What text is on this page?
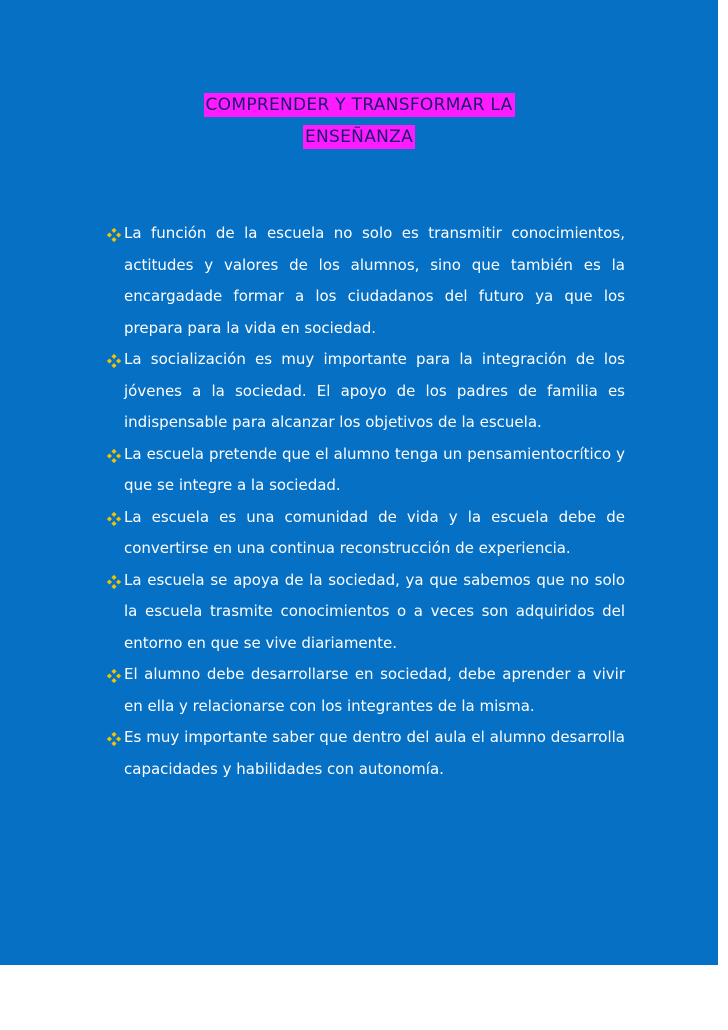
COMPRENDER Y TRANSFORMAR LA
ENSEÑANZA
La función de la escuela no solo es transmitir conocimientos, actitudes y valores de los alumnos, sino que también es la encargadade formar a los ciudadanos del futuro ya que los prepara para la vida en sociedad.
La socialización es muy importante para la integración de los jóvenes a la sociedad. El apoyo de los padres de familia es indispensable para alcanzar los objetivos de la escuela.
La escuela pretende que el alumno tenga un pensamientocrítico y que se integre a la sociedad.
La escuela es una comunidad de vida y la escuela debe de convertirse en una continua reconstrucción de experiencia.
La escuela se apoya de la sociedad, ya que sabemos que no solo la escuela trasmite conocimientos o a veces son adquiridos del entorno en que se vive diariamente.
El alumno debe desarrollarse en sociedad, debe aprender a vivir en ella y relacionarse con los integrantes de la misma.
Es muy importante saber que dentro del aula el alumno desarrolla capacidades y habilidades con autonomía.
